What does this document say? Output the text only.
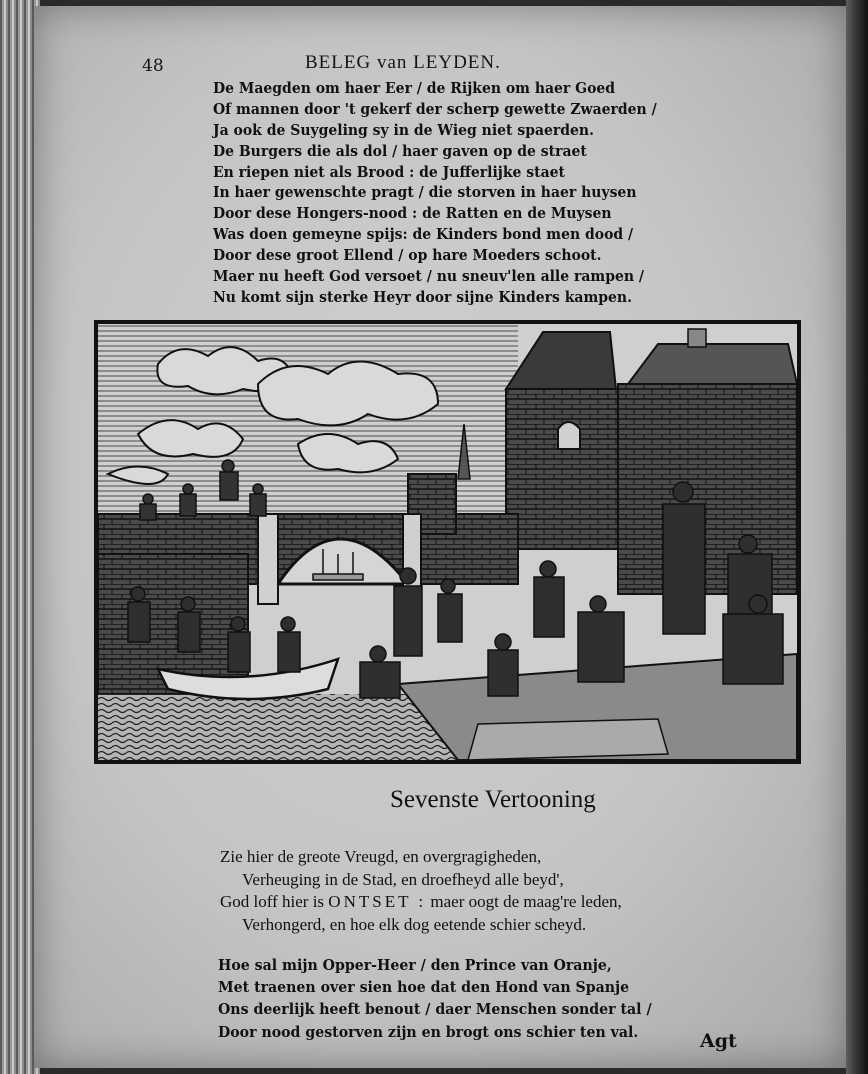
48	BELEG van LEYDEN.
De Maegden om haer Eer / de Rijken om haer Goed
Of mannen door 't gekerf der scherp gewette Zwaerden /
Ja ook de Suygeling sy in de Wieg niet spaerden.
De Burgers die als dol / haer gaven op de straet
En riepen niet als Brood : de Jufferlijke staet
In haer gewenschte pragt / die storven in haer huysen
Door dese Hongers-nood : de Ratten en de Muysen
Was doen gemeyne spijs: de Kinders bond men dood /
Door dese groot Ellend / op hare Moeders schoot.
Maer nu heeft God versoet / nu sneuv'len alle rampen /
Nu komt sijn sterke Heyr door sijne Kinders kampen.
Sevenste Vertooning
Zie hier de greote Vreugd, en overgragigheden,
Verheuging in de Stad, en droefheyd alle beyd',
God loff hier is ONTSET : maer oogt de maag're leden,
Verhongerd, en hoe elk dog eetende schier scheyd.
Hoe sal mijn Opper-Heer / den Prince van Oranje,
Met traenen over sien hoe dat den Hond van Spanje
Ons deerlijk heeft benout / daer Menschen sonder tal /
Door nood gestorven zijn en brogt ons schier ten val.	Agt
